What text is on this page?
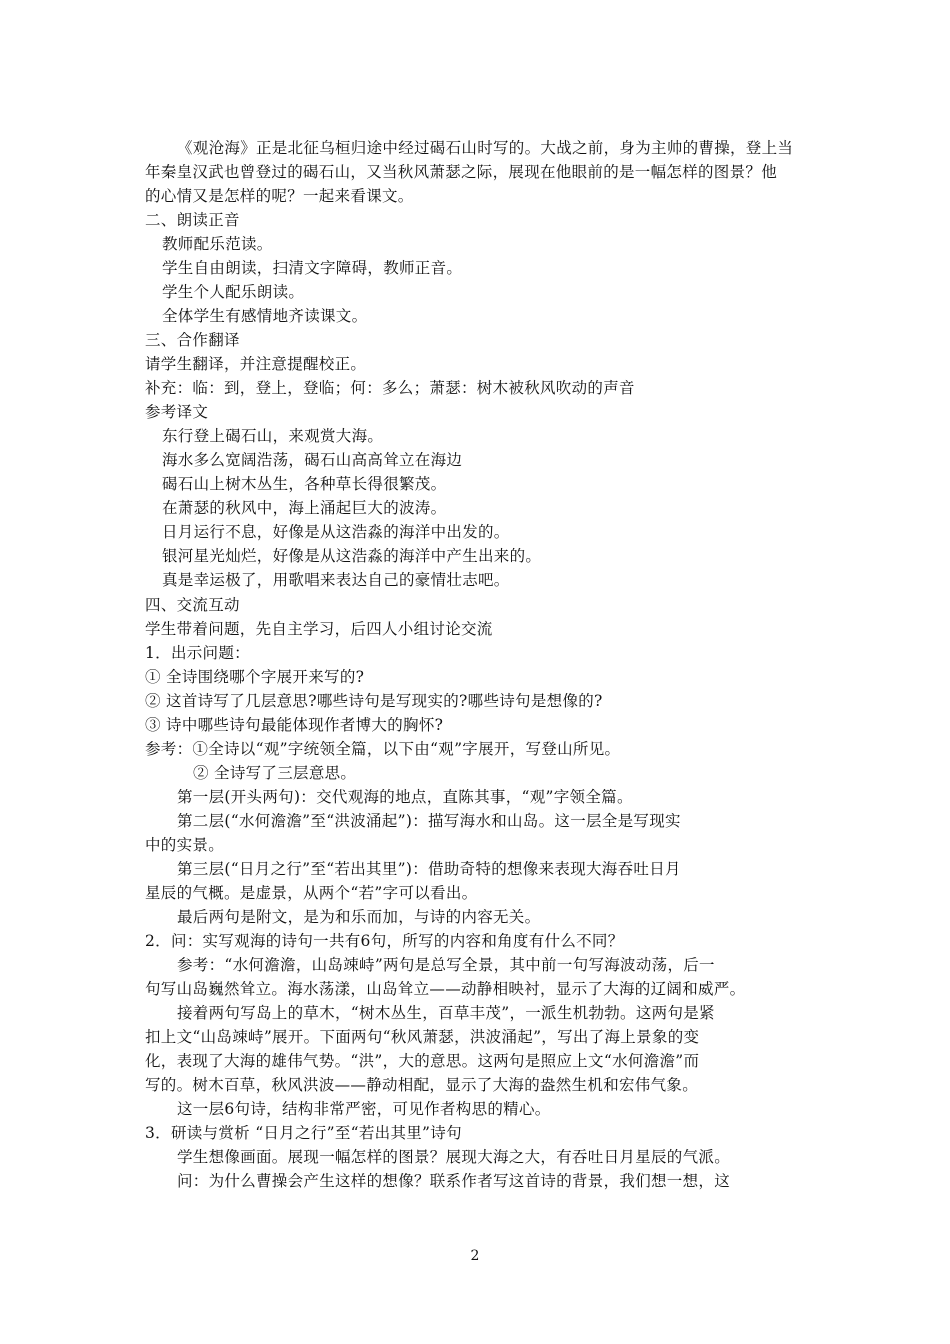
《观沧海》正是北征乌桓归途中经过碣石山时写的。大战之前，身为主帅的曹操，登上当
年秦皇汉武也曾登过的碣石山，又当秋风萧瑟之际，展现在他眼前的是一幅怎样的图景？他
的心情又是怎样的呢？一起来看课文。
二、朗读正音
教师配乐范读。
学生自由朗读，扫清文字障碍，教师正音。
学生个人配乐朗读。
全体学生有感情地齐读课文。
三、合作翻译
请学生翻译，并注意提醒校正。
补充：临：到，登上，登临；何：多么；萧瑟：树木被秋风吹动的声音
参考译文
东行登上碣石山，来观赏大海。
海水多么宽阔浩荡，碣石山高高耸立在海边
碣石山上树木丛生，各种草长得很繁茂。
在萧瑟的秋风中，海上涌起巨大的波涛。
日月运行不息，好像是从这浩淼的海洋中出发的。
银河星光灿烂，好像是从这浩淼的海洋中产生出来的。
真是幸运极了，用歌唱来表达自己的豪情壮志吧。
四、交流互动
学生带着问题，先自主学习，后四人小组讨论交流
1．出示问题：
① 全诗围绕哪个字展开来写的?
② 这首诗写了几层意思?哪些诗句是写现实的?哪些诗句是想像的?
③ 诗中哪些诗句最能体现作者博大的胸怀?
参考：①全诗以“观”字统领全篇，以下由“观”字展开，写登山所见。
② 全诗写了三层意思。
第一层(开头两句)：交代观海的地点，直陈其事，“观”字领全篇。
第二层(“水何澹澹”至“洪波涌起”)：描写海水和山岛。这一层全是写现实
中的实景。
第三层(“日月之行”至“若出其里”)：借助奇特的想像来表现大海吞吐日月
星辰的气概。是虚景，从两个“若”字可以看出。
最后两句是附文，是为和乐而加，与诗的内容无关。
2．问：实写观海的诗句一共有6句，所写的内容和角度有什么不同？
参考：“水何澹澹，山岛竦峙”两句是总写全景，其中前一句写海波动荡，后一
句写山岛巍然耸立。海水荡漾，山岛耸立——动静相映衬，显示了大海的辽阔和威严。
接着两句写岛上的草木，“树木丛生，百草丰茂”，一派生机勃勃。这两句是紧
扣上文“山岛竦峙”展开。下面两句“秋风萧瑟，洪波涌起”，写出了海上景象的变
化，表现了大海的雄伟气势。“洪”，大的意思。这两句是照应上文“水何澹澹”而
写的。树木百草，秋风洪波——静动相配，显示了大海的盎然生机和宏伟气象。
这一层6句诗，结构非常严密，可见作者构思的精心。
3．研读与赏析 “日月之行”至“若出其里”诗句
学生想像画面。展现一幅怎样的图景？展现大海之大，有吞吐日月星辰的气派。
问：为什么曹操会产生这样的想像？联系作者写这首诗的背景，我们想一想，这
2
